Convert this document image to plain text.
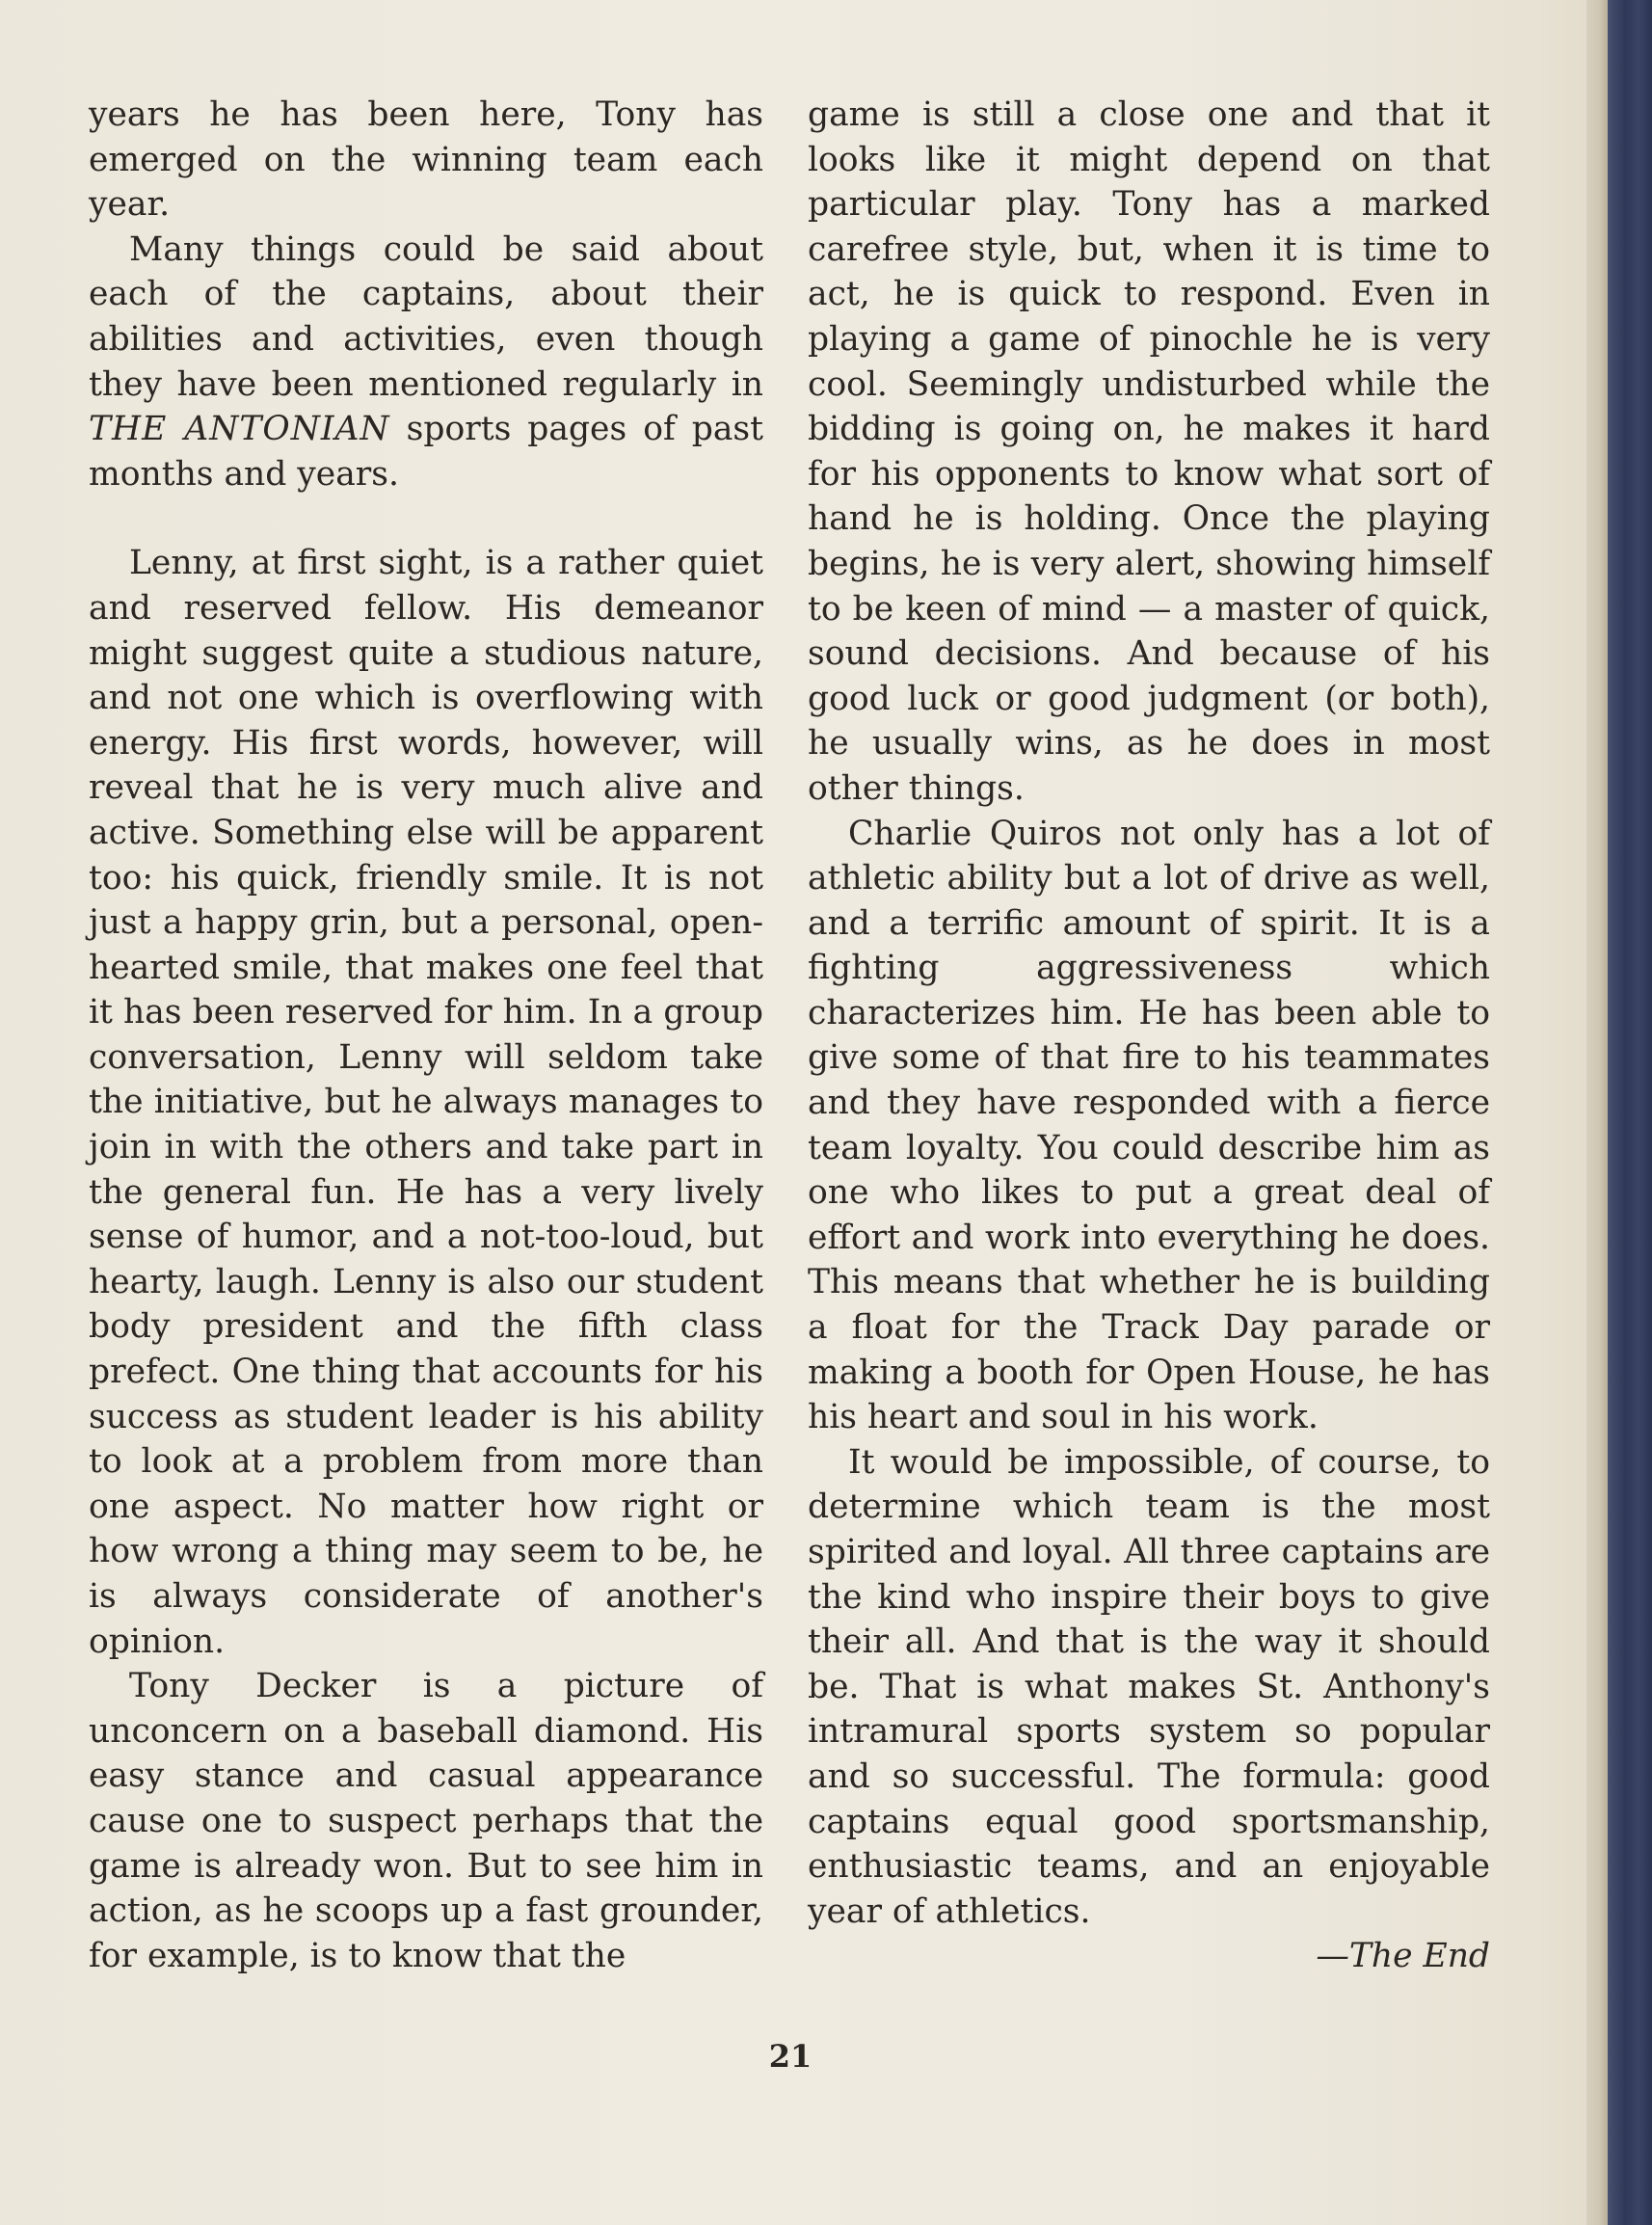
years he has been here, Tony has emerged on the winning team each year.

Many things could be said about each of the captains, about their abilities and activities, even though they have been mentioned regularly in THE ANTONIAN sports pages of past months and years.

Lenny, at first sight, is a rather quiet and reserved fellow. His demeanor might suggest quite a studious nature, and not one which is overflowing with energy. His first words, however, will reveal that he is very much alive and active. Something else will be apparent too: his quick, friendly smile. It is not just a happy grin, but a personal, open-hearted smile, that makes one feel that it has been reserved for him. In a group conversation, Lenny will seldom take the initiative, but he always manages to join in with the others and take part in the general fun. He has a very lively sense of humor, and a not-too-loud, but hearty, laugh. Lenny is also our student body president and the fifth class prefect. One thing that accounts for his success as student leader is his ability to look at a problem from more than one aspect. No matter how right or how wrong a thing may seem to be, he is always considerate of another's opinion.

Tony Decker is a picture of unconcern on a baseball diamond. His easy stance and casual appearance cause one to suspect perhaps that the game is already won. But to see him in action, as he scoops up a fast grounder, for example, is to know that the

game is still a close one and that it looks like it might depend on that particular play. Tony has a marked carefree style, but, when it is time to act, he is quick to respond. Even in playing a game of pinochle he is very cool. Seemingly undisturbed while the bidding is going on, he makes it hard for his opponents to know what sort of hand he is holding. Once the playing begins, he is very alert, showing himself to be keen of mind — a master of quick, sound decisions. And because of his good luck or good judgment (or both), he usually wins, as he does in most other things.

Charlie Quiros not only has a lot of athletic ability but a lot of drive as well, and a terrific amount of spirit. It is a fighting aggressiveness which characterizes him. He has been able to give some of that fire to his teammates and they have responded with a fierce team loyalty. You could describe him as one who likes to put a great deal of effort and work into everything he does. This means that whether he is building a float for the Track Day parade or making a booth for Open House, he has his heart and soul in his work.

It would be impossible, of course, to determine which team is the most spirited and loyal. All three captains are the kind who inspire their boys to give their all. And that is the way it should be. That is what makes St. Anthony's intramural sports system so popular and so successful. The formula: good captains equal good sportsmanship, enthusiastic teams, and an enjoyable year of athletics.

—The End

21
